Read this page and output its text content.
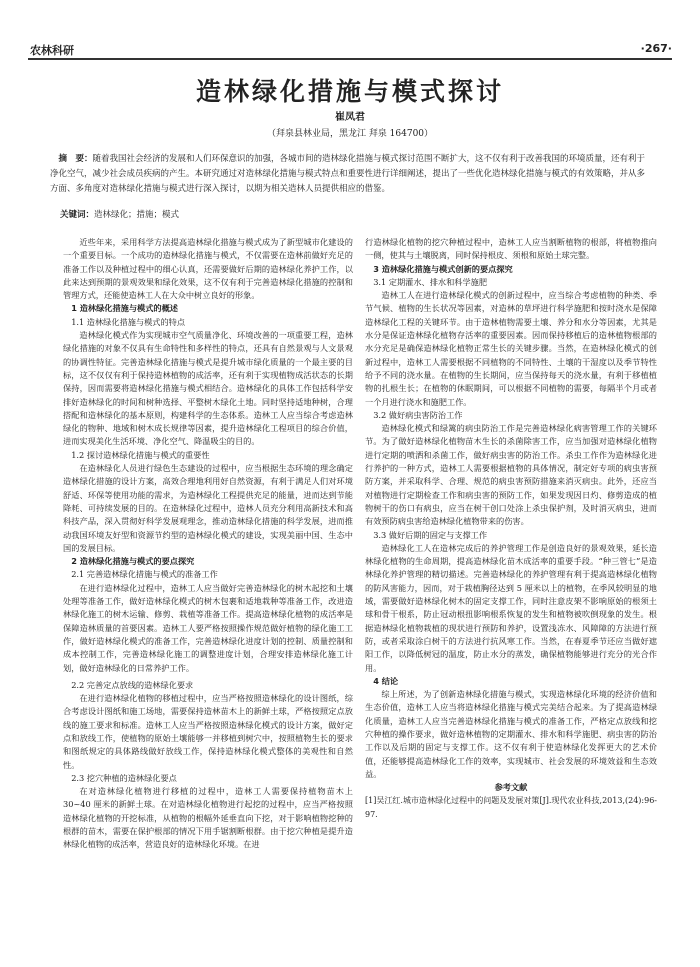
农林科研	·267·
造林绿化措施与模式探讨
崔凤君
（拜泉县林业局，黑龙江 拜泉 164700）
摘　要：随着我国社会经济的发展和人们环保意识的加强，各城市间的造林绿化措施与模式探讨范围不断扩大，这不仅有利于改善我国的环境质量，还有利于净化空气，减少社会成员疾病的产生。本研究通过对造林绿化措施与模式特点和重要性进行详细阐述，提出了一些优化造林绿化措施与模式的有效策略，并从多方面、多角度对造林绿化措施与模式进行深入探讨，以期为相关造林人员提供相应的借鉴。
关键词：造林绿化；措施；模式

近些年来，采用科学方法提高造林绿化措施与模式成为了新型城市化建设的一个重要目标。一个成功的造林绿化措施与模式，不仅需要在造林前做好充足的准备工作以及种植过程中的细心认真，还需要做好后期的造林绿化养护工作，以此来达到预期的景观效果和绿化效果，这不仅有利于完善造林绿化措施的控制和管理方式，还能使造林工人在大众中树立良好的形象。

1 造林绿化措施与模式的概述

1.1 造林绿化措施与模式的特点

造林绿化模式作为实现城市空气质量净化、环境改善的一项重要工程，造林绿化措施的对象不仅具有生命特性和多样性的特点，还具有自然景观与人文景观的协调性特征。完善造林绿化措施与模式是提升城市绿化质量的一个最主要的目标，这不仅仅有利于保持造林植物的成活率，还有利于实现植物成活状态的长期保持，因而需要将造林绿化措施与模式相结合。造林绿化的具体工作包括科学安排好造林绿化的时间和树种选择、平整树木绿化土地。同时坚持适地种树，合理搭配和造林绿化的基本原则，构建科学的生态体系。造林工人应当综合考虑造林绿化的物种、地域和树木成长规律等因素，提升造林绿化工程项目的综合价值，进而实现美化生活环境、净化空气、降温吸尘的目的。

1.2 探讨造林绿化措施与模式的重要性

在造林绿化人员进行绿色生态建设的过程中，应当根据生态环境的理念确定造林绿化措施的设计方案，高效合理地利用好自然资源，有利于满足人们对环境舒适、环保等使用功能的需求，为造林绿化工程提供充足的能量，进而达到节能降耗、可持续发展的目的。在造林绿化过程中，造林人员充分利用高新技术和高科技产品，深入贯彻好科学发展观理念，推动造林绿化措施的科学发展，进而推动我国环境友好型和资源节约型的造林绿化模式的建设，实现美丽中国、生态中国的发展目标。

2 造林绿化措施与模式的要点探究

2.1 完善造林绿化措施与模式的准备工作

在进行造林绿化过程中，造林工人应当做好完善造林绿化的树木起挖和土壤处理等准备工作，做好造林绿化模式的树木包裹和适地栽种等准备工作，改进造林绿化施工的树木运输、修剪、栽植等准备工作。提高造林绿化植物的成活率是保障造林质量的首要因素。造林工人要严格按照操作规范做好植物的绿化施工工作，做好造林绿化模式的准备工作，完善造林绿化进度计划的控制、质量控制和成本控制工作，完善造林绿化施工的调整进度计划，合理安排造林绿化施工计划，做好造林绿化的日常养护工作。

2.2 完善定点放线的造林绿化要求

在进行造林绿化植物的移植过程中，应当严格按照造林绿化的设计图纸，综合考虑设计图纸和施工场地，需要保持造林苗木上的新鲜土球，严格按照定点放线的施工要求和标准。造林工人应当严格按照造林绿化模式的设计方案，做好定点和放线工作，使植物的原始土壤能够一并移植到树穴中，按照植物生长的要求和图纸规定的具体路线做好放线工作，保持造林绿化模式整体的美观性和自然性。

2.3 挖穴种植的造林绿化要点

在对造林绿化植物进行移植的过程中，造林工人需要保持植物苗木上 30~40 厘米的新鲜土球。在对造林绿化植物进行起挖的过程中，应当严格按照造林绿化植物的开挖标准，从植物的根幅外延垂直向下挖，对于影响植物挖种的根群的苗木，需要在保护根部的情况下用手锯割断根群。由于挖穴种植是提升造林绿化植物的成活率，营造良好的造林绿化环境。在进

行造林绿化植物的挖穴种植过程中，造林工人应当割断植物的根部，将植物推向一侧，使其与土壤脱离，同时保持根皮、须根和原始土球完整。

3 造林绿化措施与模式创新的要点探究

3.1 定期灌水、排水和科学施肥

造林工人在进行造林绿化模式的创新过程中，应当综合考虑植物的种类、季节气候、植物的生长状况等因素，对造林的草坪进行科学施肥和按时浇水是保障造林绿化工程的关键环节。由于造林植物需要土壤、养分和水分等因素，尤其是水分是保证造林绿化植物存活率的重要因素。因而保持移植后的造林植物根部的水分充足是确保造林绿化植物正常生长的关键步骤。当然，在造林绿化模式的创新过程中，造林工人需要根据不同植物的不同特性、土壤的干湿度以及季节特性给予不同的浇水量。在植物的生长期间，应当保持每天的浇水量，有利于移植植物的扎根生长；在植物的休眠期间，可以根据不同植物的需要，每隔半个月或者一个月进行浇水和施肥工作。

3.2 做好病虫害防治工作

造林绿化模式和绿篱的病虫防治工作是完善造林绿化病害管理工作的关键环节。为了做好造林绿化植物苗木生长的杀菌除害工作，应当加强对造林绿化植物进行定期的喷洒和杀菌工作，做好病虫害的防治工作。杀虫工作作为造林绿化进行养护的一种方式，造林工人需要根据植物的具体情况，制定好专项的病虫害预防方案，并采取科学、合理、规范的病虫害预防措施来消灭病虫。此外，还应当对植物进行定期检查工作和病虫害的预防工作，如果发现因日灼、修剪造成的植物树干的伤口有病虫，应当在树干创口处涂上杀虫保护剂，及时消灭病虫，进而有效预防病虫害给造林绿化植物带来的伤害。

3.3 做好后期的固定与支撑工作

造林绿化工人在造林完成后的养护管理工作是创造良好的景观效果，延长造林绿化植物的生命周期，提高造林绿化苗木成活率的重要手段。“种三管七”是造林绿化养护管理的精切描述。完善造林绿化的养护管理有利于提高造林绿化植物的防风害能力，因而，对于栽植胸径达到 5 厘米以上的植物，在季风较明显的地域，需要做好造林绿化树木的固定支撑工作，同时注意皮架不影响原始的根须土球和骨干根系，防止冠动根扭影响根系恢复的发生和植物被吹倒现象的发生。根据造林绿化植物栽植的现状进行预防和养护，设置浅冻水、风障障的方法进行预防，或者采取涂白树干的方法进行抗风寒工作。当然，在春夏季节还应当做好遮阳工作，以降低树冠的温度，防止水分的蒸发，确保植物能够进行充分的光合作用。

4 结论

综上所述，为了创新造林绿化措施与模式，实现造林绿化环境的经济价值和生态价值，造林工人应当将造林绿化措施与模式完美结合起来。为了提高造林绿化质量，造林工人应当完善造林绿化措施与模式的准备工作，严格定点放线和挖穴种植的操作要求，做好造林植物的定期灌水、排水和科学施肥、病虫害的防治工作以及后期的固定与支撑工作。这不仅有利于使造林绿化发挥更大的艺术价值，还能够提高造林绿化工作的效率，实现城市、社会发展的环境效益和生态效益。

参考文献

[1]吴江红.城市造林绿化过程中的问题及发展对策[J].现代农业科技,2013,(24):96-97.
